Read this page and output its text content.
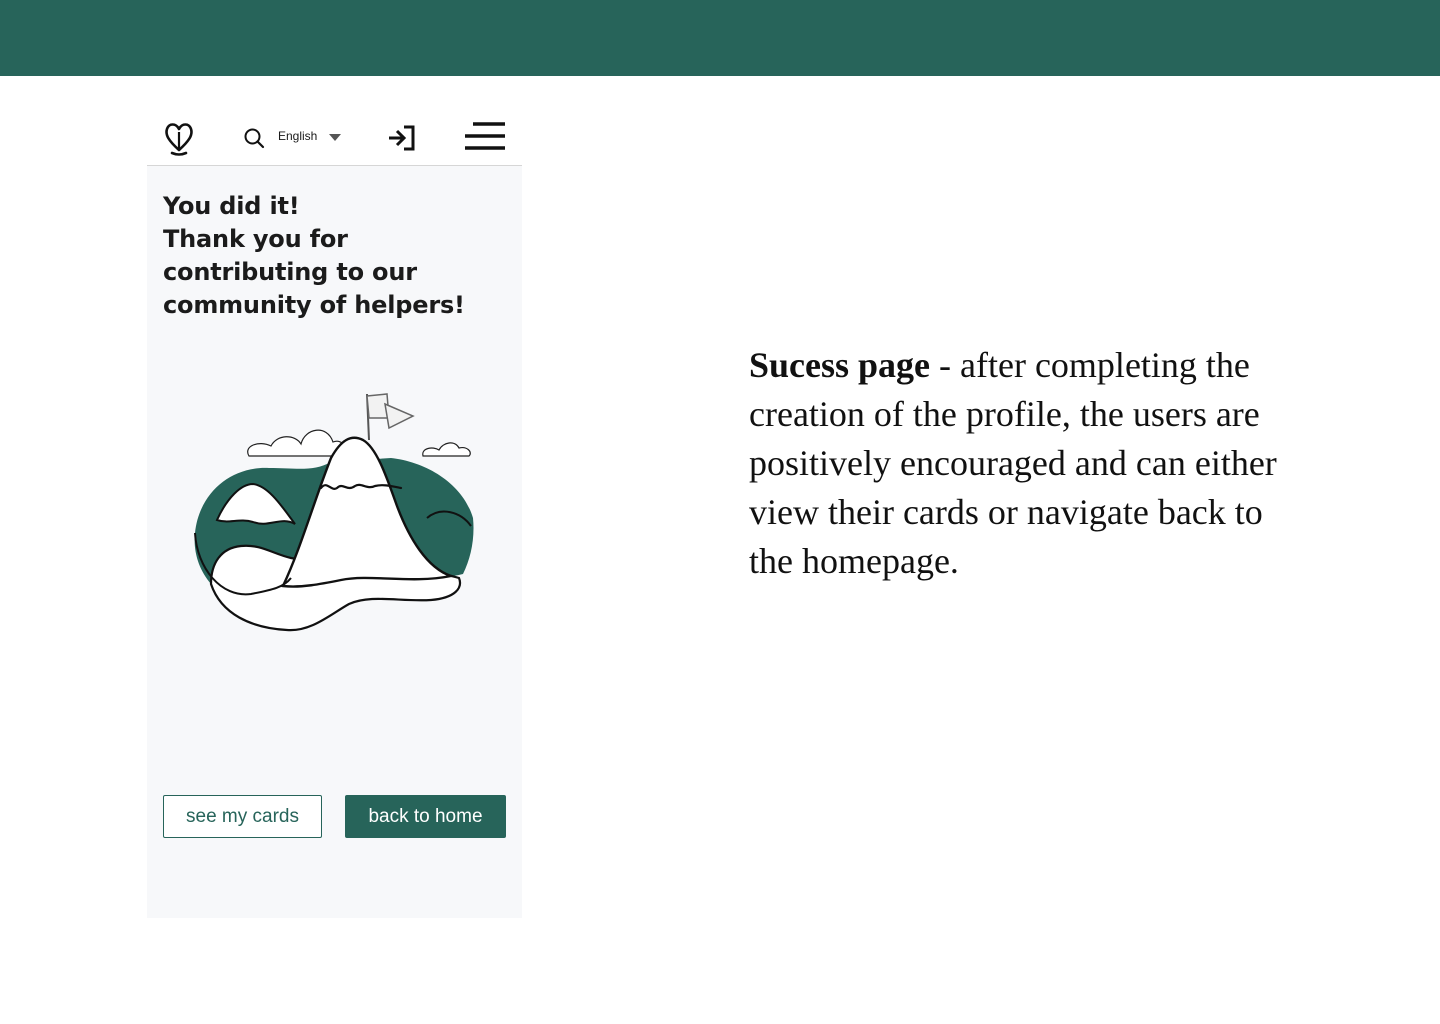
English

You did it!
Thank you for contributing to our community of helpers!

see my cards	back to home

Sucess page - after completing the creation of the profile, the users are positively encouraged and can either view their cards or navigate back to the homepage.
